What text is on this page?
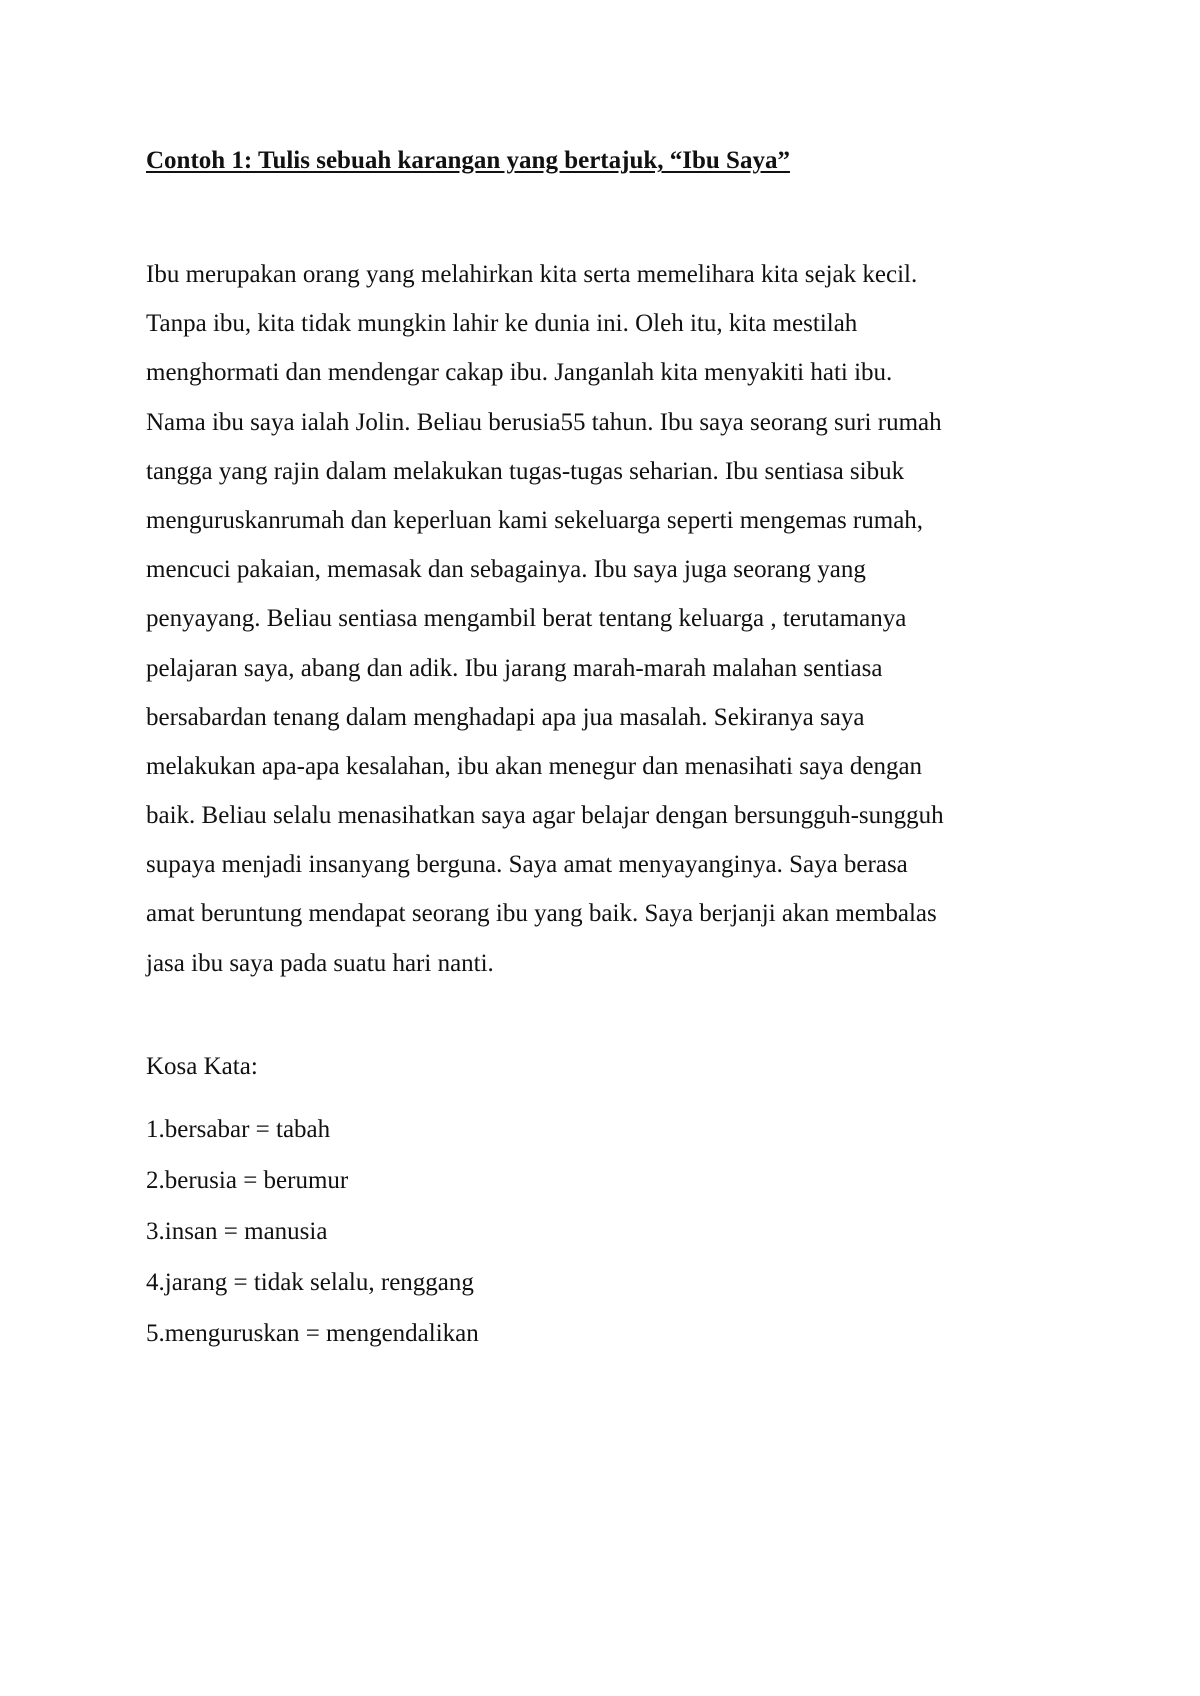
Contoh 1: Tulis sebuah karangan yang bertajuk, “Ibu Saya”
Ibu merupakan orang yang melahirkan kita serta memelihara kita sejak kecil.
Tanpa ibu, kita tidak mungkin lahir ke dunia ini. Oleh itu, kita mestilah
menghormati dan mendengar cakap ibu. Janganlah kita menyakiti hati ibu.
Nama ibu saya ialah Jolin. Beliau berusia55 tahun. Ibu saya seorang suri rumah
tangga yang rajin dalam melakukan tugas-tugas seharian. Ibu sentiasa sibuk
menguruskanrumah dan keperluan kami sekeluarga seperti mengemas rumah,
mencuci pakaian, memasak dan sebagainya. Ibu saya juga seorang yang
penyayang. Beliau sentiasa mengambil berat tentang keluarga , terutamanya
pelajaran saya, abang dan adik. Ibu jarang marah-marah malahan sentiasa
bersabardan tenang dalam menghadapi apa jua masalah. Sekiranya saya
melakukan apa-apa kesalahan, ibu akan menegur dan menasihati saya dengan
baik. Beliau selalu menasihatkan saya agar belajar dengan bersungguh-sungguh
supaya menjadi insanyang berguna. Saya amat menyayanginya. Saya berasa
amat beruntung mendapat seorang ibu yang baik. Saya berjanji akan membalas
jasa ibu saya pada suatu hari nanti.

Kosa Kata:

1.bersabar = tabah
2.berusia = berumur
3.insan = manusia
4.jarang = tidak selalu, renggang
5.menguruskan = mengendalikan
